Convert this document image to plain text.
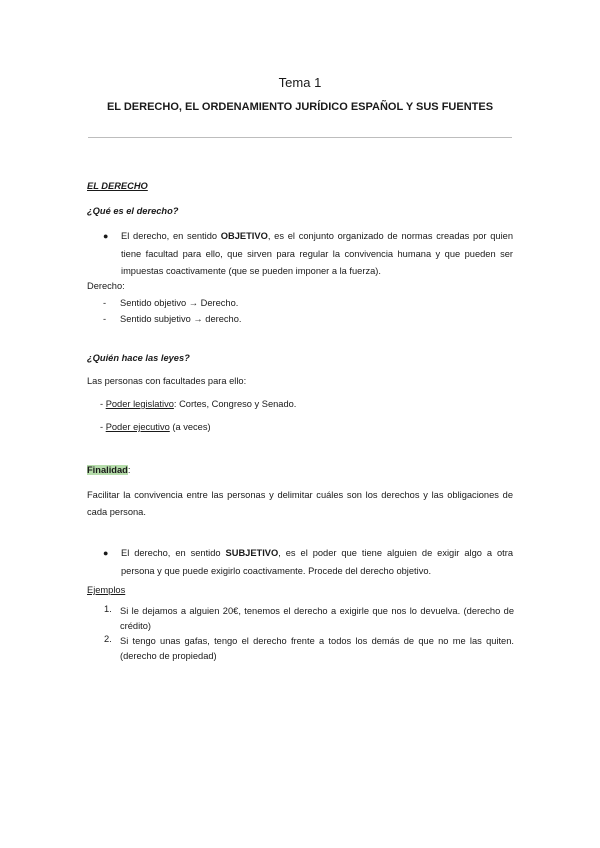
Tema 1
EL DERECHO, EL ORDENAMIENTO JURÍDICO ESPAÑOL Y SUS FUENTES
EL DERECHO
¿Qué es el derecho?
● El derecho, en sentido OBJETIVO, es el conjunto organizado de normas creadas por quien tiene facultad para ello, que sirven para regular la convivencia humana y que pueden ser impuestas coactivamente (que se pueden imponer a la fuerza).
Derecho:
- Sentido objetivo → Derecho.
- Sentido subjetivo → derecho.
¿Quién hace las leyes?
Las personas con facultades para ello:
- Poder legislativo: Cortes, Congreso y Senado.
- Poder ejecutivo (a veces)
Finalidad:
Facilitar la convivencia entre las personas y delimitar cuáles son los derechos y las obligaciones de cada persona.
● El derecho, en sentido SUBJETIVO, es el poder que tiene alguien de exigir algo a otra persona y que puede exigirlo coactivamente. Procede del derecho objetivo.
Ejemplos
1. Si le dejamos a alguien 20€, tenemos el derecho a exigirle que nos lo devuelva. (derecho de crédito)
2. Si tengo unas gafas, tengo el derecho frente a todos los demás de que no me las quiten. (derecho de propiedad)
